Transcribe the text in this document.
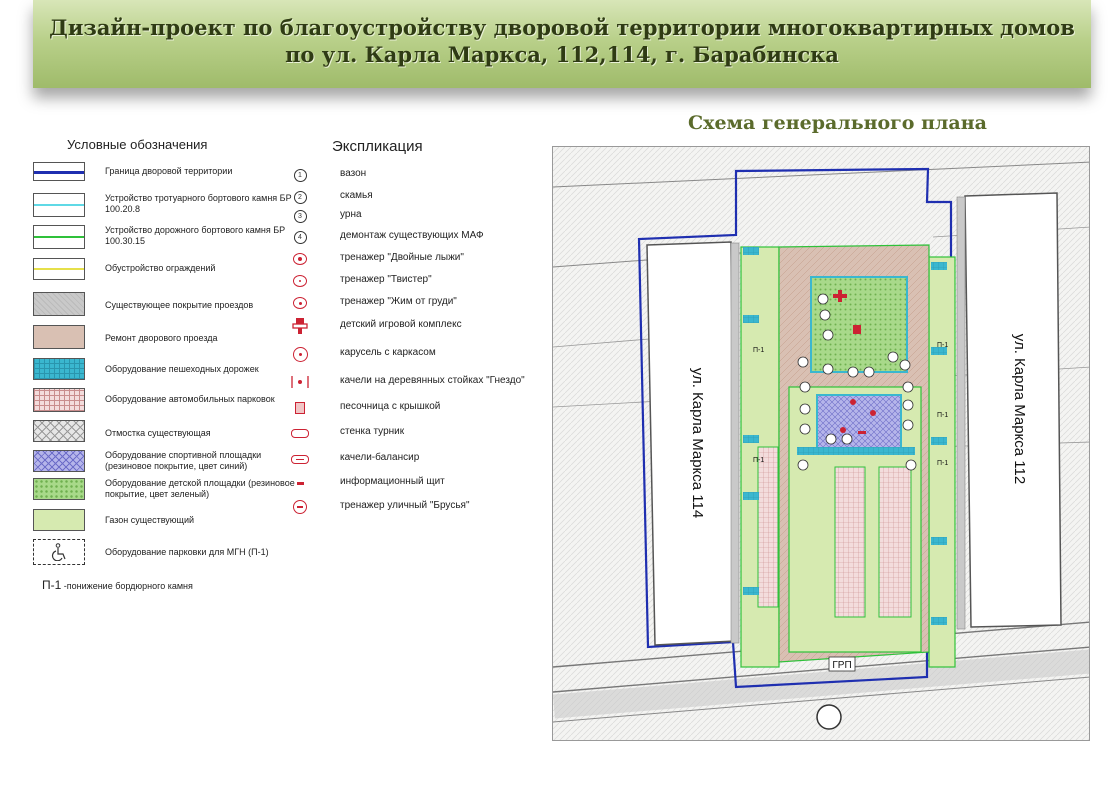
Дизайн-проект по благоустройству дворовой территории многоквартирных домов
по ул. Карла Маркса, 112,114, г. Барабинска
Схема генерального плана
Условные обозначения	Экспликация
Граница дворовой территории
Устройство тротуарного бортового камня БР 100.20.8
Устройство дорожного бортового камня БР 100.30.15
Обустройство ограждений
Существующее покрытие проездов
Ремонт дворового проезда
Оборудование пешеходных дорожек
Оборудование автомобильных парковок
Отмостка существующая
Оборудование спортивной площадки (резиновое покрытие, цвет синий)
Оборудование детской площадки (резиновое покрытие, цвет зеленый)
Газон существующий
Оборудование парковки для МГН (П-1)
П-1 -понижение бордюрного камня
1	вазон
2	скамья
3	урна
4	демонтаж существующих МАФ
тренажер "Двойные лыжи"
тренажер "Твистер"
тренажер "Жим от груди"
детский игровой комплекс
карусель с каркасом
качели на деревянных стойках "Гнездо"
песочница с крышкой
стенка турник
качели-балансир
информационный щит
тренажер уличный "Брусья"	ул. Карла Маркса 114	ул. Карла Маркса 112
ГРП
П-1
П-1
П-1
П-1
П-1
